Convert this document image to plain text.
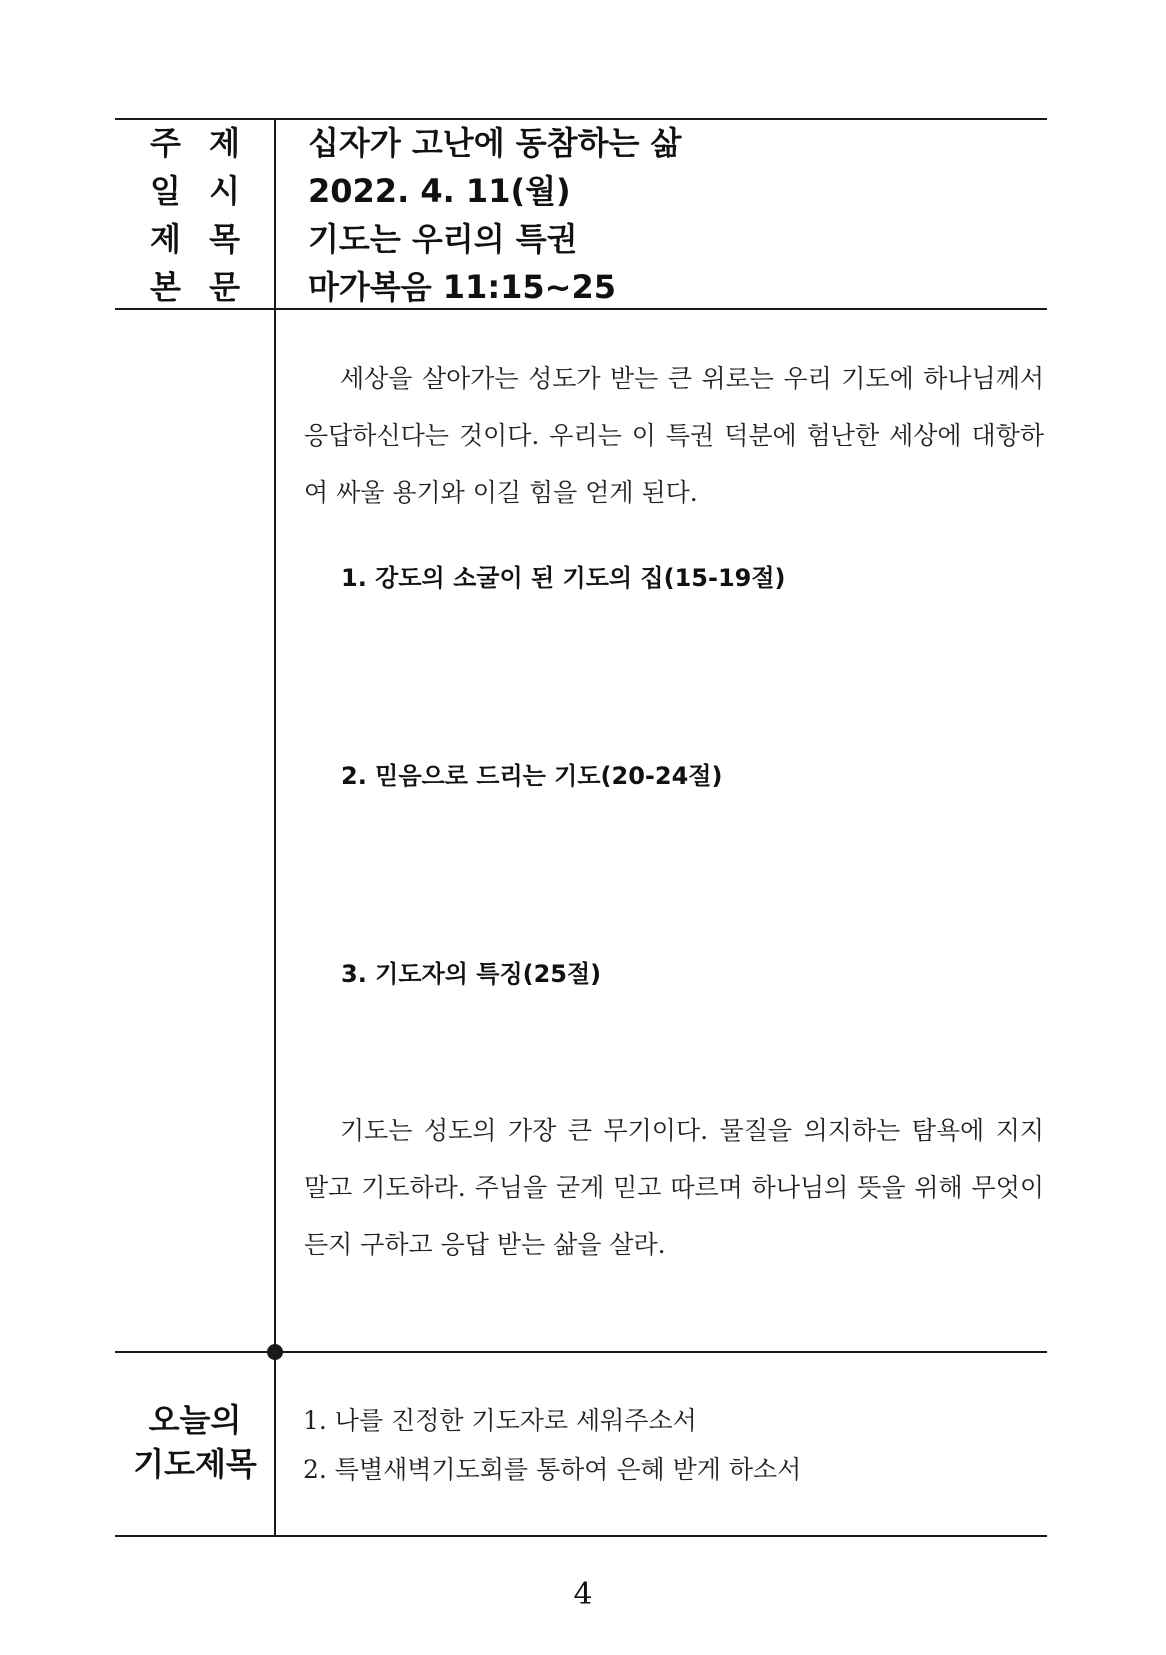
주 제 십자가 고난에 동참하는 삶
일 시 2022. 4. 11(월)
제 목 기도는 우리의 특권
본 문 마가복음 11:15~25

세상을 살아가는 성도가 받는 큰 위로는 우리 기도에 하나님께서 응답하신다는 것이다. 우리는 이 특권 덕분에 험난한 세상에 대항하여 싸울 용기와 이길 힘을 얻게 된다.

1. 강도의 소굴이 된 기도의 집(15-19절)
2. 믿음으로 드리는 기도(20-24절)
3. 기도자의 특징(25절)

기도는 성도의 가장 큰 무기이다. 물질을 의지하는 탐욕에 지지 말고 기도하라. 주님을 굳게 믿고 따르며 하나님의 뜻을 위해 무엇이든지 구하고 응답 받는 삶을 살라.

오늘의
기도제목
1. 나를 진정한 기도자로 세워주소서
2. 특별새벽기도회를 통하여 은혜 받게 하소서
4
